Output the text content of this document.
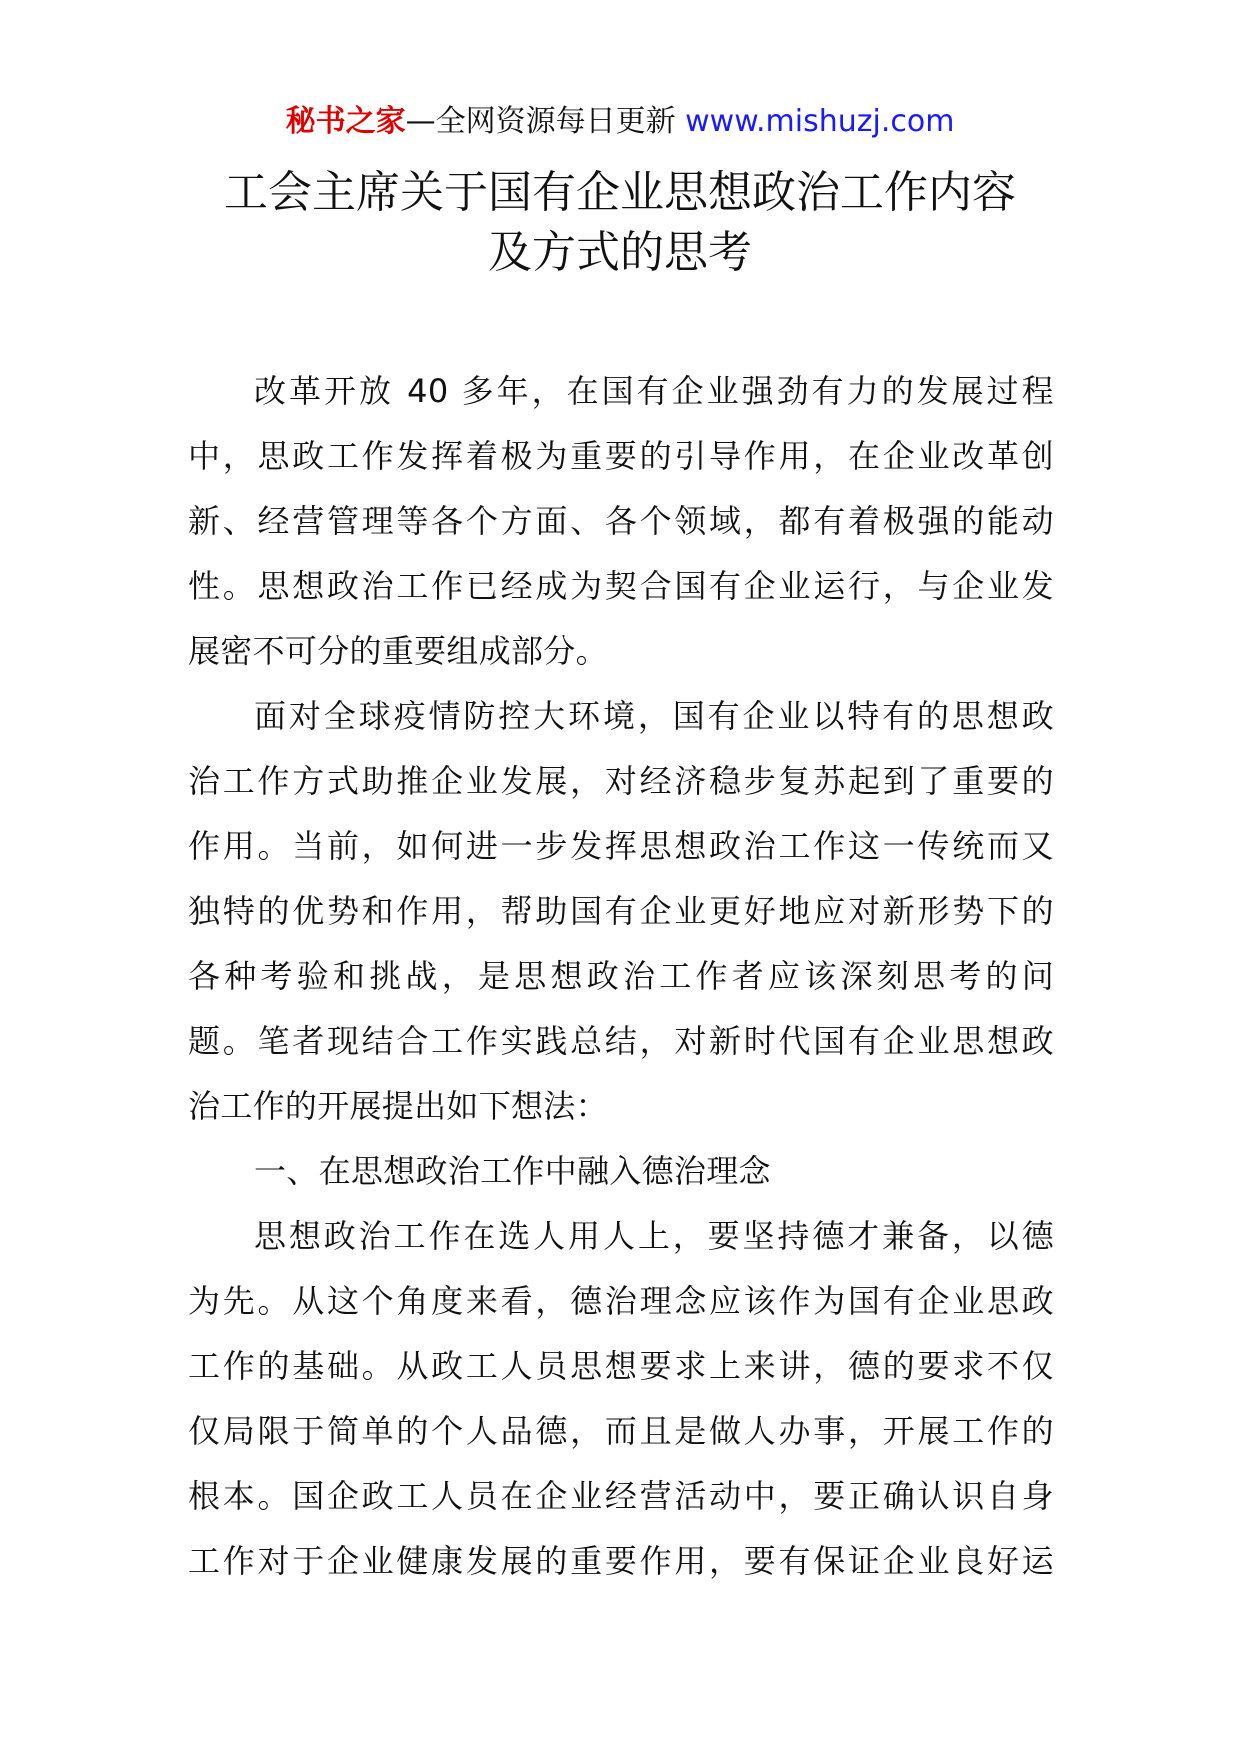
秘书之家—全网资源每日更新 www.mishuzj.com
工会主席关于国有企业思想政治工作内容
及方式的思考
改革开放 40 多年，在国有企业强劲有力的发展过程
中，思政工作发挥着极为重要的引导作用，在企业改革创
新、经营管理等各个方面、各个领域，都有着极强的能动
性。思想政治工作已经成为契合国有企业运行，与企业发
展密不可分的重要组成部分。
面对全球疫情防控大环境，国有企业以特有的思想政
治工作方式助推企业发展，对经济稳步复苏起到了重要的
作用。当前，如何进一步发挥思想政治工作这一传统而又
独特的优势和作用，帮助国有企业更好地应对新形势下的
各种考验和挑战，是思想政治工作者应该深刻思考的问
题。笔者现结合工作实践总结，对新时代国有企业思想政
治工作的开展提出如下想法：
一、在思想政治工作中融入德治理念
思想政治工作在选人用人上，要坚持德才兼备，以德
为先。从这个角度来看，德治理念应该作为国有企业思政
工作的基础。从政工人员思想要求上来讲，德的要求不仅
仅局限于简单的个人品德，而且是做人办事，开展工作的
根本。国企政工人员在企业经营活动中，要正确认识自身
工作对于企业健康发展的重要作用，要有保证企业良好运
